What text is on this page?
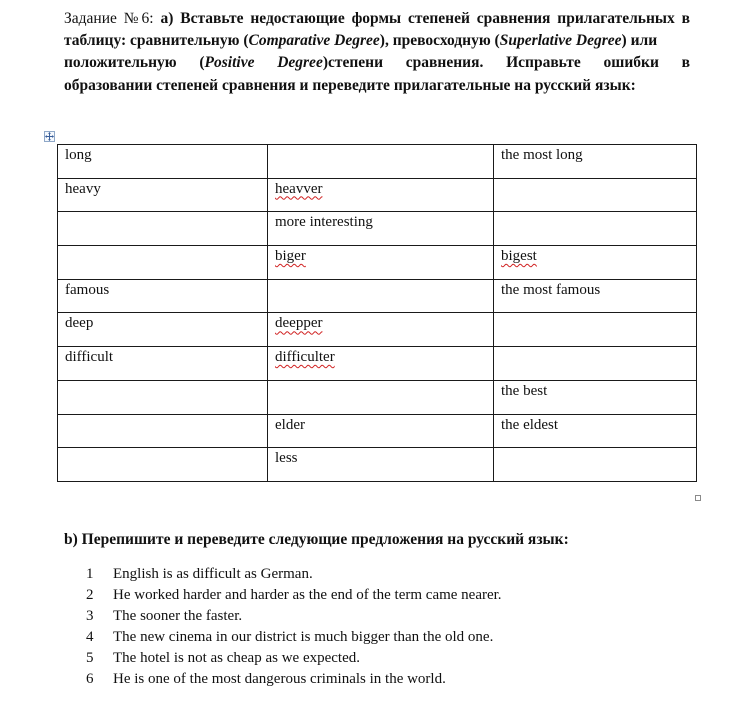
Задание №6: а) Вставьте недостающие формы степеней сравнения прилагательных в таблицу: сравнительную (Comparative Degree), превосходную (Superlative Degree) или
положительную (Positive Degree)степени сравнения. Исправьте ошибки в
образовании степеней сравнения и переведите прилагательные на русский язык:
long		the most long
heavy	heavver	
	more interesting	
	biger	bigest
famous		the most famous
deep	deepper	
difficult	difficulter	
		the best
	elder	the eldest
	less	
b) Перепишите и переведите следующие предложения на русский язык:
1	English is as difficult as German.
2	He worked harder and harder as the end of the term came nearer.
3	The sooner the faster.
4	The new cinema in our district is much bigger than the old one.
5	The hotel is not as cheap as we expected.
6	He is one of the most dangerous criminals in the world.
